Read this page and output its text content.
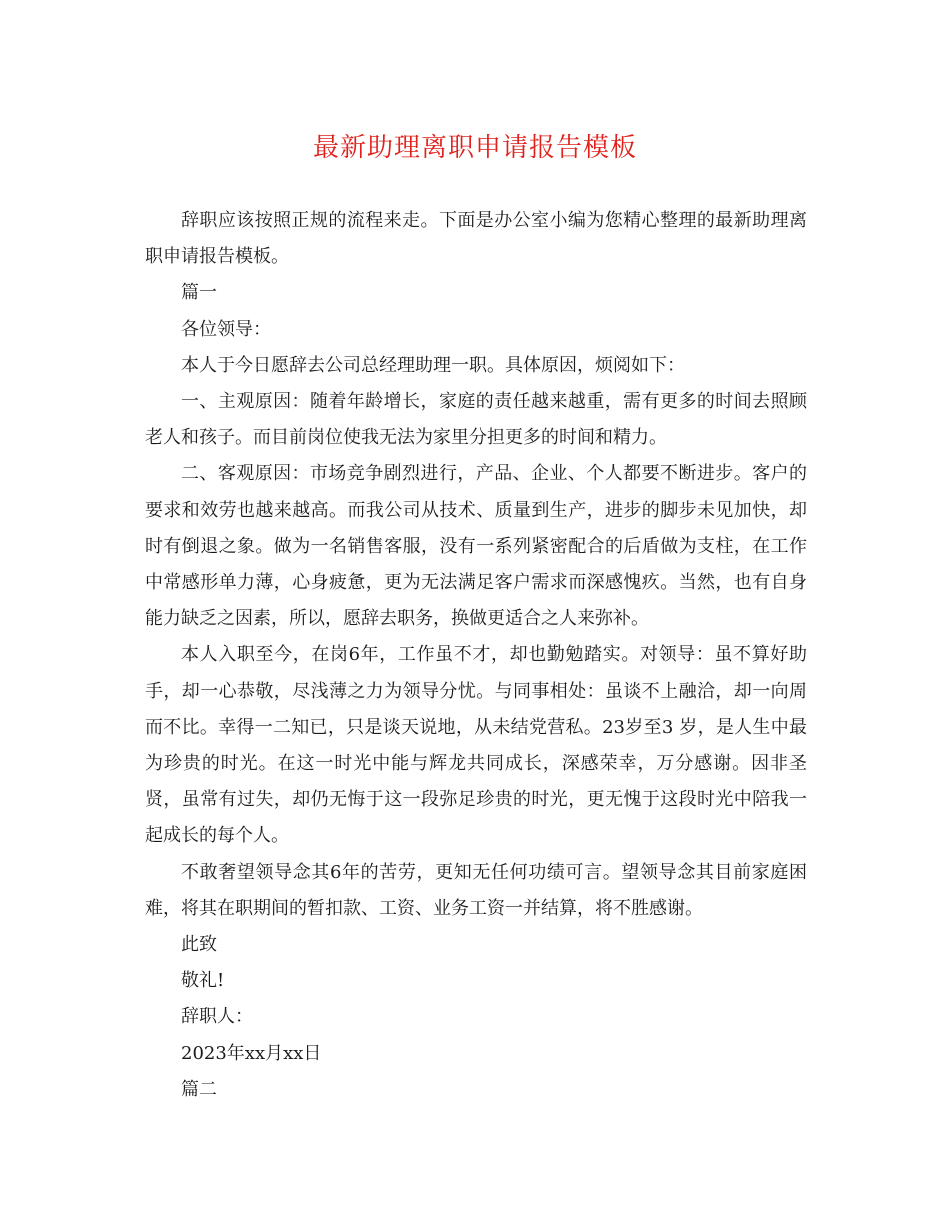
最新助理离职申请报告模板

辞职应该按照正规的流程来走。下面是办公室小编为您精心整理的最新助理离职申请报告模板。

篇一

各位领导：

本人于今日愿辞去公司总经理助理一职。具体原因，烦阅如下：

一、主观原因：随着年龄增长，家庭的责任越来越重，需有更多的时间去照顾老人和孩子。而目前岗位使我无法为家里分担更多的时间和精力。

二、客观原因：市场竞争剧烈进行，产品、企业、个人都要不断进步。客户的要求和效劳也越来越高。而我公司从技术、质量到生产，进步的脚步未见加快，却时有倒退之象。做为一名销售客服，没有一系列紧密配合的后盾做为支柱，在工作中常感形单力薄，心身疲惫，更为无法满足客户需求而深感愧疚。当然，也有自身能力缺乏之因素，所以，愿辞去职务，换做更适合之人来弥补。

本人入职至今，在岗6年，工作虽不才，却也勤勉踏实。对领导：虽不算好助手，却一心恭敬，尽浅薄之力为领导分忧。与同事相处：虽谈不上融洽，却一向周而不比。幸得一二知已，只是谈天说地，从未结党营私。23岁至3 岁，是人生中最为珍贵的时光。在这一时光中能与辉龙共同成长，深感荣幸，万分感谢。因非圣贤，虽常有过失，却仍无悔于这一段弥足珍贵的时光，更无愧于这段时光中陪我一起成长的每个人。

不敢奢望领导念其6年的苦劳，更知无任何功绩可言。望领导念其目前家庭困难，将其在职期间的暂扣款、工资、业务工资一并结算，将不胜感谢。

此致

敬礼!

辞职人：

2023年xx月xx日

篇二
